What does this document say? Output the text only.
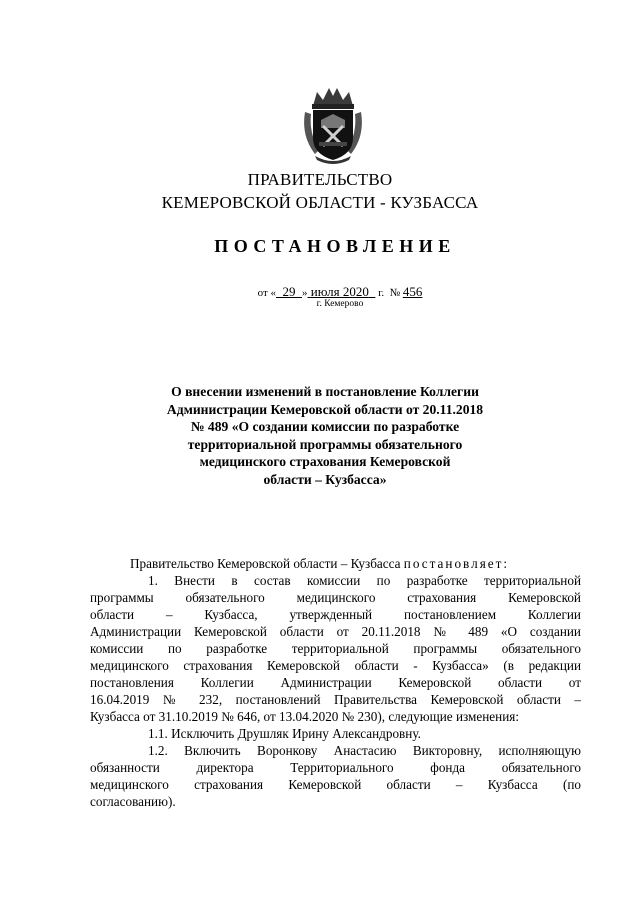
ПРАВИТЕЛЬСТВО
КЕМЕРОВСКОЙ ОБЛАСТИ - КУЗБАССА
ПОСТАНОВЛЕНИЕ
от « 29 » июля 2020 г. № 456
г. Кемерово
О внесении изменений в постановление Коллегии
Администрации Кемеровской области от 20.11.2018
№ 489 «О создании комиссии по разработке
территориальной программы обязательного
медицинского страхования Кемеровской
области – Кузбасса»
Правительство Кемеровской области – Кузбасса постановляет:
1. Внести в состав комиссии по разработке территориальной
программы обязательного медицинского страхования Кемеровской
области – Кузбасса, утвержденный постановлением Коллегии
Администрации Кемеровской области от 20.11.2018 № 489 «О создании
комиссии по разработке территориальной программы обязательного
медицинского страхования Кемеровской области - Кузбасса» (в редакции
постановления Коллегии Администрации Кемеровской области от
16.04.2019 № 232, постановлений Правительства Кемеровской области –
Кузбасса от 31.10.2019 № 646, от 13.04.2020 № 230), следующие изменения:
1.1. Исключить Друшляк Ирину Александровну.
1.2. Включить Воронкову Анастасию Викторовну, исполняющую
обязанности директора Территориального фонда обязательного
медицинского страхования Кемеровской области – Кузбасса (по
согласованию).
